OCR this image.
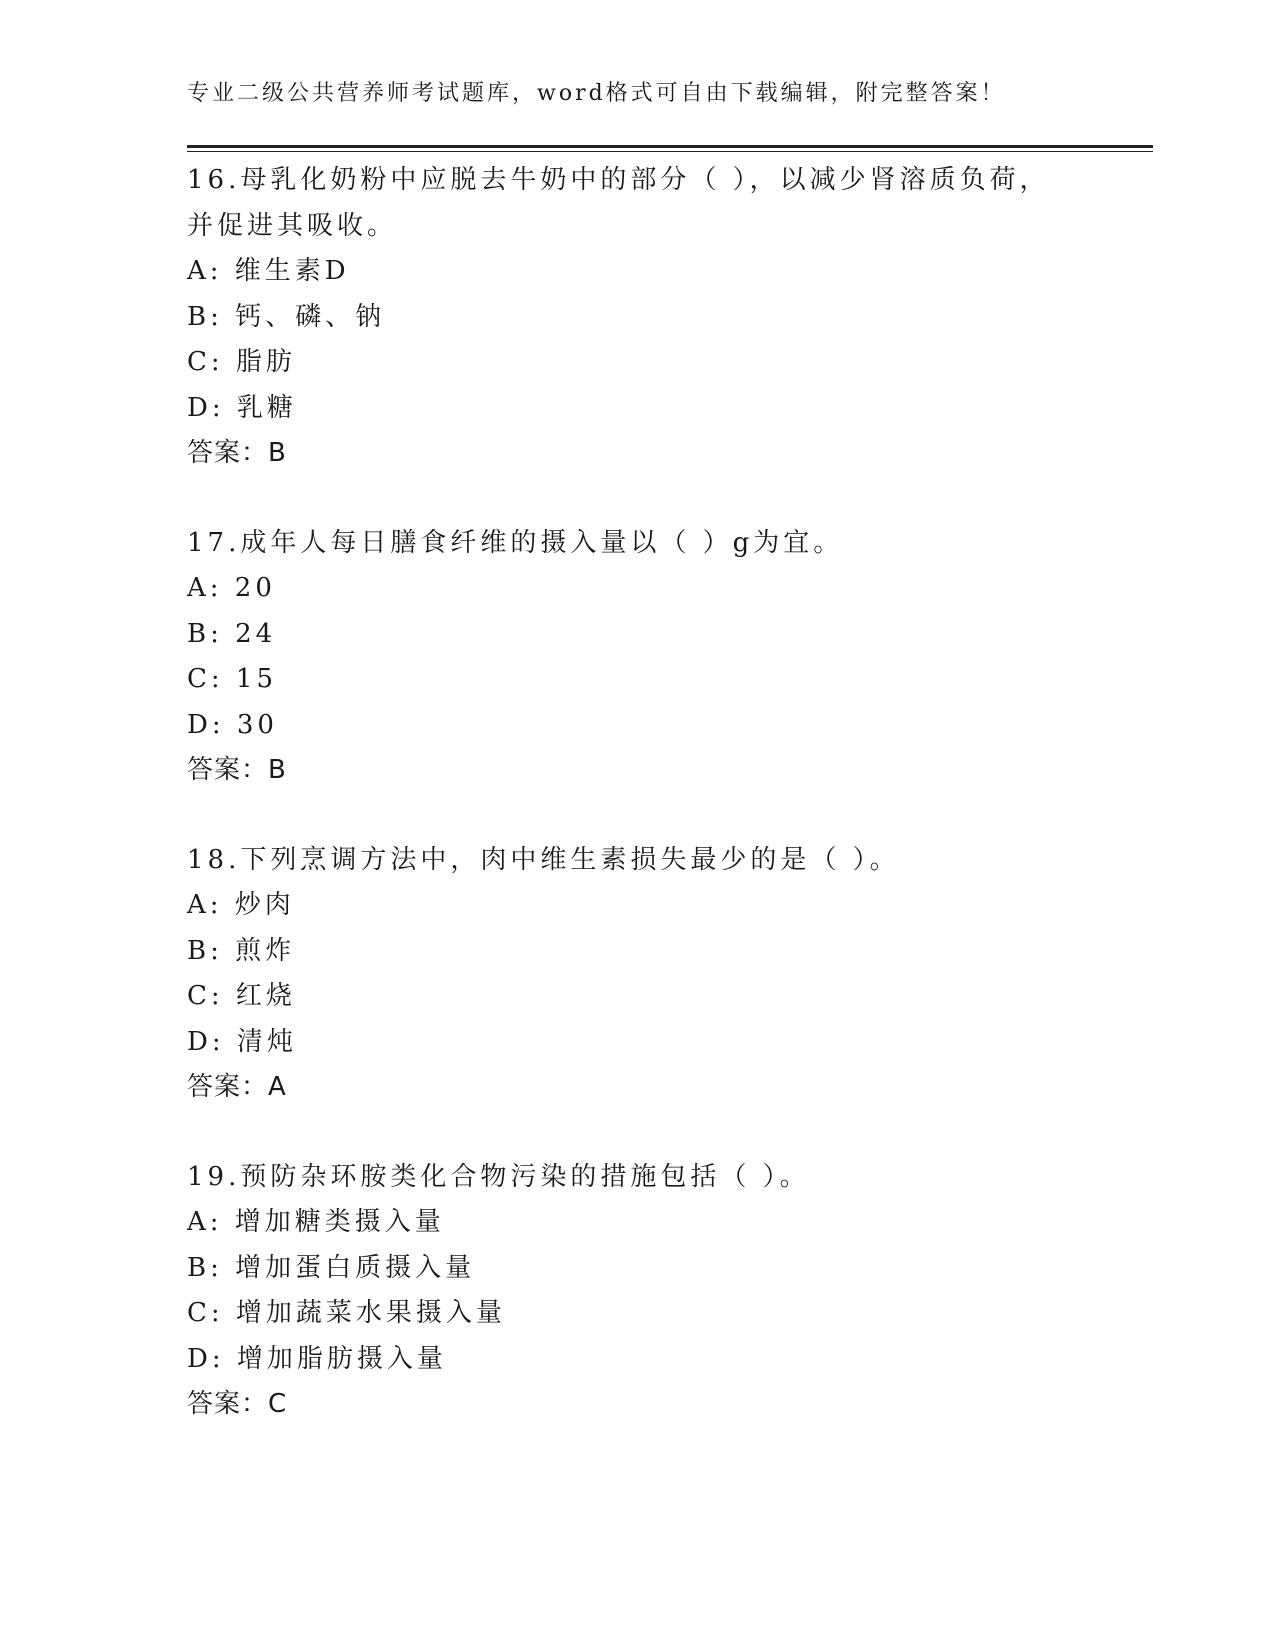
专业二级公共营养师考试题库，word格式可自由下载编辑，附完整答案！
16.母乳化奶粉中应脱去牛奶中的部分（ ），以减少肾溶质负荷，
并促进其吸收。
A: 维生素D
B: 钙、磷、钠
C: 脂肪
D: 乳糖
答案：B
17.成年人每日膳食纤维的摄入量以（ ）g为宜。
A: 20
B: 24
C: 15
D: 30
答案：B
18.下列烹调方法中，肉中维生素损失最少的是（ ）。
A: 炒肉
B: 煎炸
C: 红烧
D: 清炖
答案：A
19.预防杂环胺类化合物污染的措施包括（ ）。
A: 增加糖类摄入量
B: 增加蛋白质摄入量
C: 增加蔬菜水果摄入量
D: 增加脂肪摄入量
答案：C
